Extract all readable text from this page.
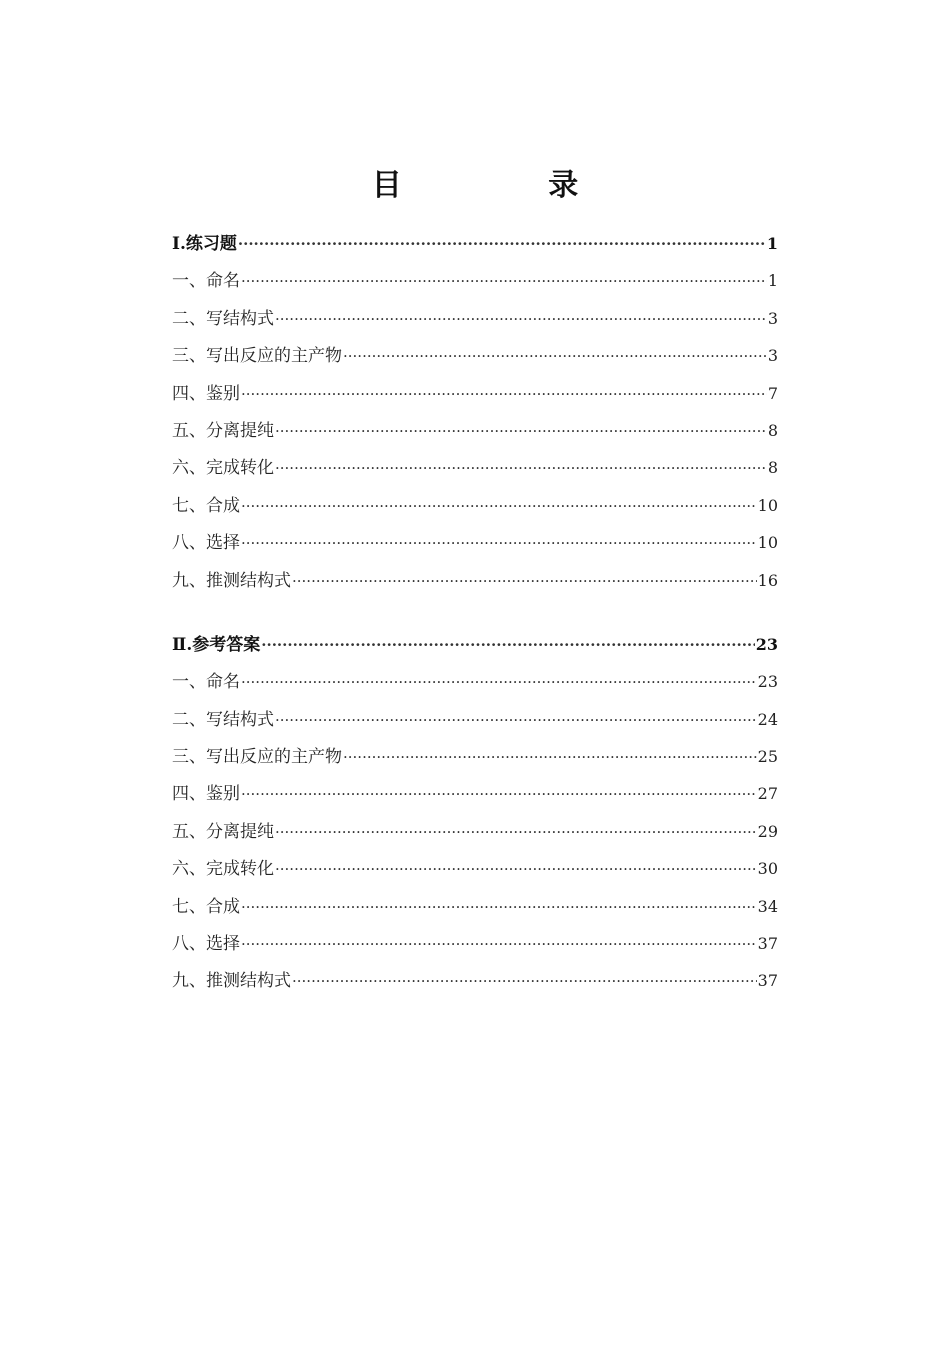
目 录
Ⅰ.练习题 ·····	1
一、命名 ·····	1
二、写结构式 ·····	3
三、写出反应的主产物 ·····	3
四、鉴别 ·····	7
五、分离提纯 ·····	8
六、完成转化 ·····	8
七、合成 ·····	10
八、选择 ·····	10
九、推测结构式 ·····	16
Ⅱ.参考答案 ·····	23
一、命名 ·····	23
二、写结构式 ·····	24
三、写出反应的主产物 ·····	25
四、鉴别 ·····	27
五、分离提纯 ·····	29
六、完成转化 ·····	30
七、合成 ·····	34
八、选择 ·····	37
九、推测结构式 ·····	37
